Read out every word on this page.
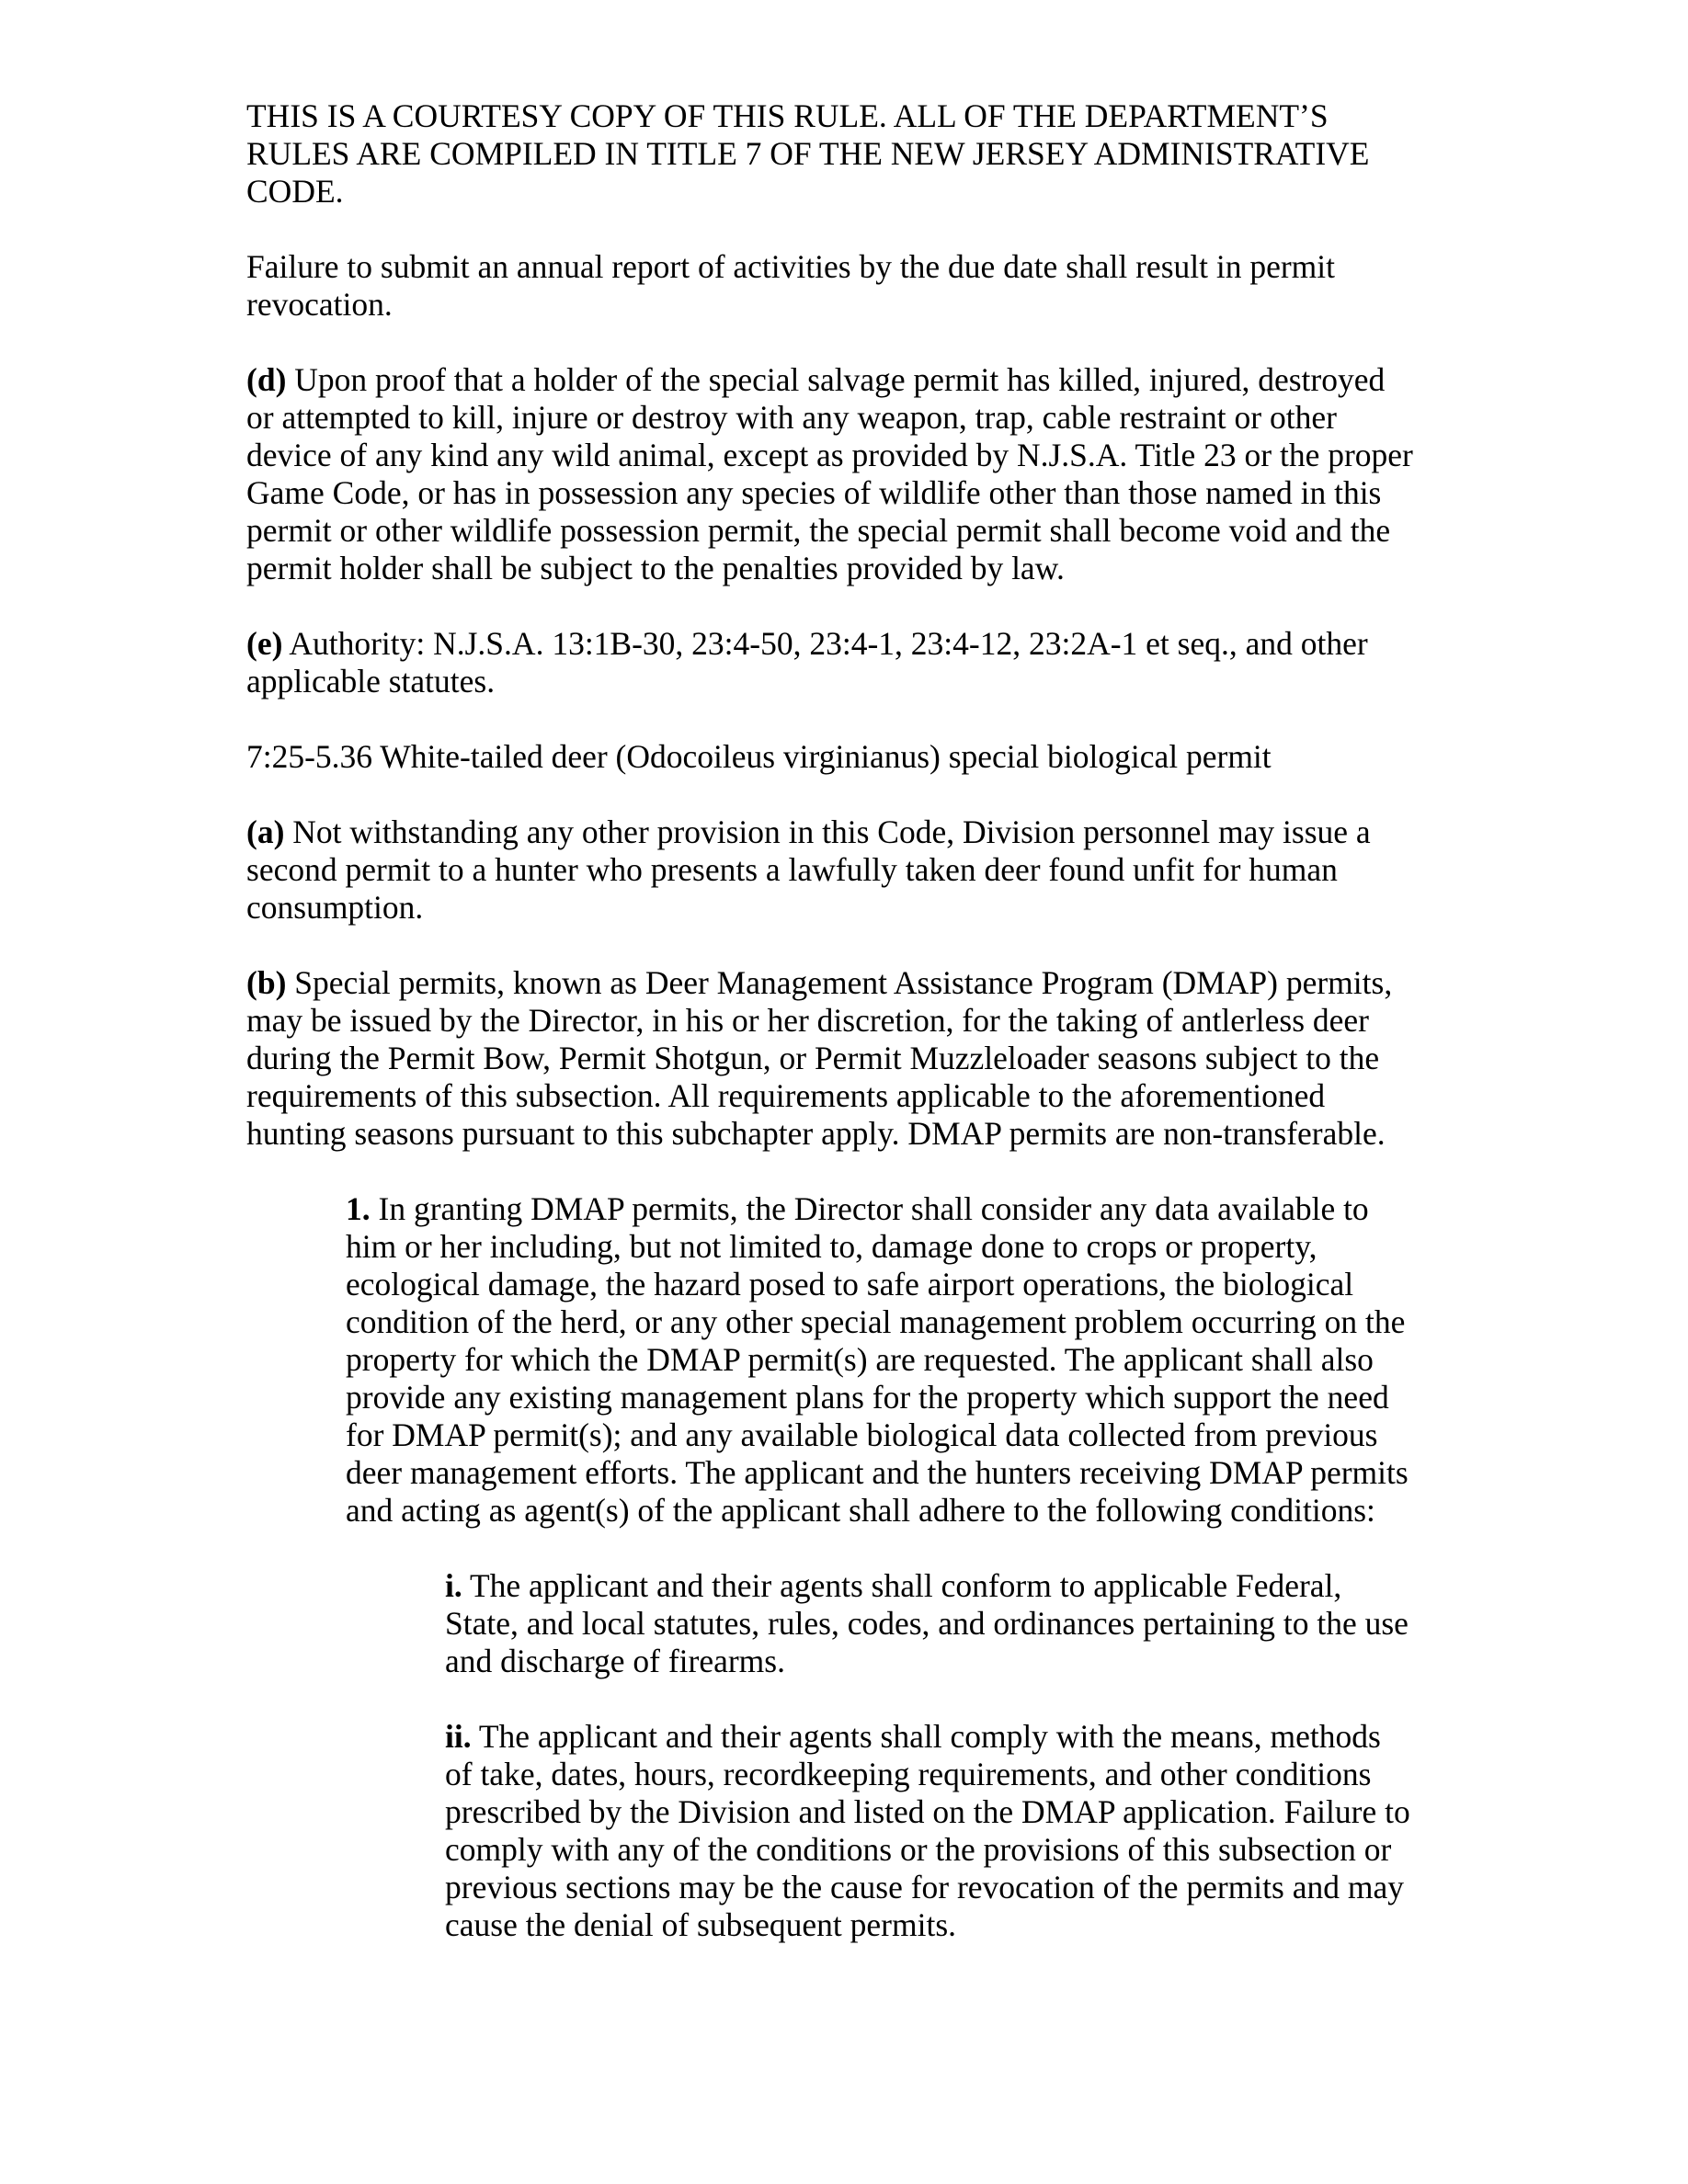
THIS IS A COURTESY COPY OF THIS RULE. ALL OF THE DEPARTMENT’S
RULES ARE COMPILED IN TITLE 7 OF THE NEW JERSEY ADMINISTRATIVE
CODE.

Failure to submit an annual report of activities by the due date shall result in permit
revocation.

(d) Upon proof that a holder of the special salvage permit has killed, injured, destroyed
or attempted to kill, injure or destroy with any weapon, trap, cable restraint or other
device of any kind any wild animal, except as provided by N.J.S.A. Title 23 or the proper
Game Code, or has in possession any species of wildlife other than those named in this
permit or other wildlife possession permit, the special permit shall become void and the
permit holder shall be subject to the penalties provided by law.

(e) Authority: N.J.S.A. 13:1B-30, 23:4-50, 23:4-1, 23:4-12, 23:2A-1 et seq., and other
applicable statutes.

7:25-5.36 White-tailed deer (Odocoileus virginianus) special biological permit

(a) Not withstanding any other provision in this Code, Division personnel may issue a
second permit to a hunter who presents a lawfully taken deer found unfit for human
consumption.

(b) Special permits, known as Deer Management Assistance Program (DMAP) permits,
may be issued by the Director, in his or her discretion, for the taking of antlerless deer
during the Permit Bow, Permit Shotgun, or Permit Muzzleloader seasons subject to the
requirements of this subsection. All requirements applicable to the aforementioned
hunting seasons pursuant to this subchapter apply. DMAP permits are non-transferable.

1. In granting DMAP permits, the Director shall consider any data available to
him or her including, but not limited to, damage done to crops or property,
ecological damage, the hazard posed to safe airport operations, the biological
condition of the herd, or any other special management problem occurring on the
property for which the DMAP permit(s) are requested. The applicant shall also
provide any existing management plans for the property which support the need
for DMAP permit(s); and any available biological data collected from previous
deer management efforts. The applicant and the hunters receiving DMAP permits
and acting as agent(s) of the applicant shall adhere to the following conditions:

i. The applicant and their agents shall conform to applicable Federal,
State, and local statutes, rules, codes, and ordinances pertaining to the use
and discharge of firearms.

ii. The applicant and their agents shall comply with the means, methods
of take, dates, hours, recordkeeping requirements, and other conditions
prescribed by the Division and listed on the DMAP application. Failure to
comply with any of the conditions or the provisions of this subsection or
previous sections may be the cause for revocation of the permits and may
cause the denial of subsequent permits.
